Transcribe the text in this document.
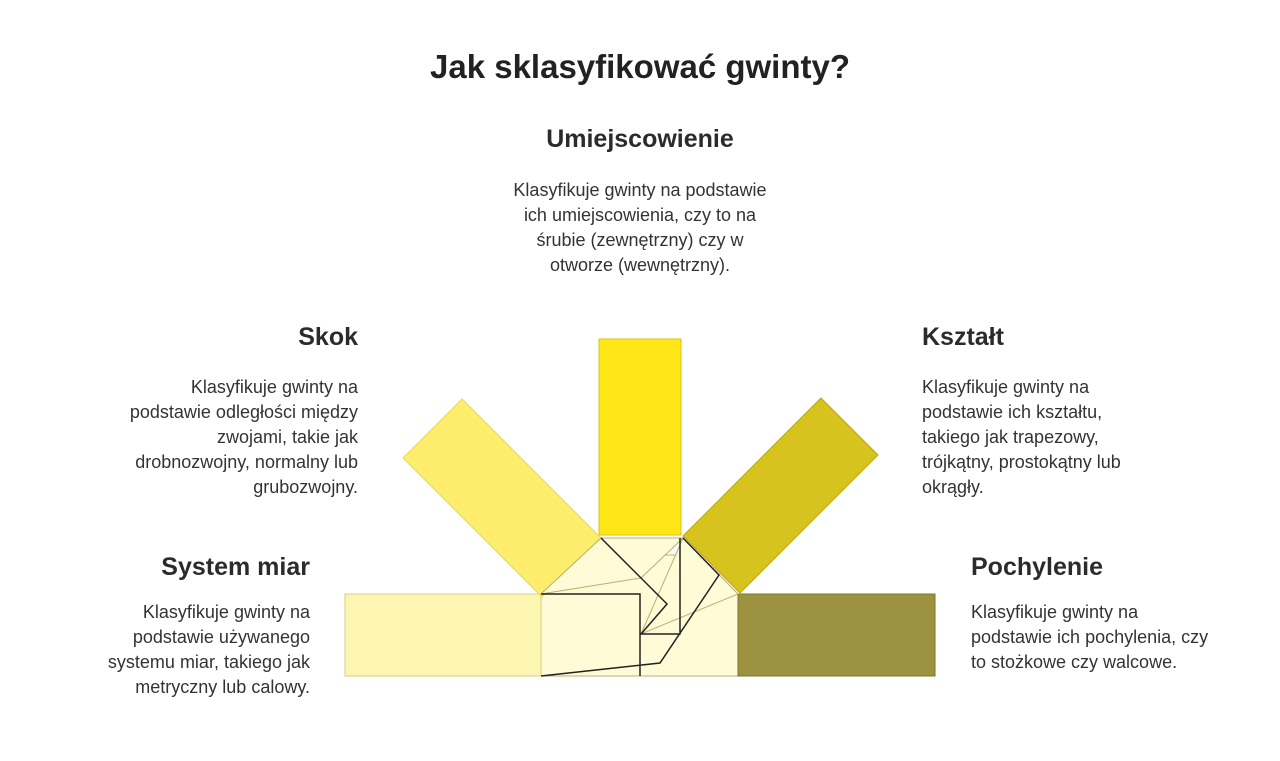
Jak sklasyfikować gwinty?
Umiejscowienie
Klasyfikuje gwinty na podstawie ich umiejscowienia, czy to na śrubie (zewnętrzny) czy w otworze (wewnętrzny).
Skok
Klasyfikuje gwinty na podstawie odległości między zwojami, takie jak drobnozwojny, normalny lub grubozwojny.
Kształt
Klasyfikuje gwinty na podstawie ich kształtu, takiego jak trapezowy, trójkątny, prostokątny lub okrągły.
System miar
Klasyfikuje gwinty na podstawie używanego systemu miar, takiego jak metryczny lub calowy.
Pochylenie
Klasyfikuje gwinty na podstawie ich pochylenia, czy to stożkowe czy walcowe.
